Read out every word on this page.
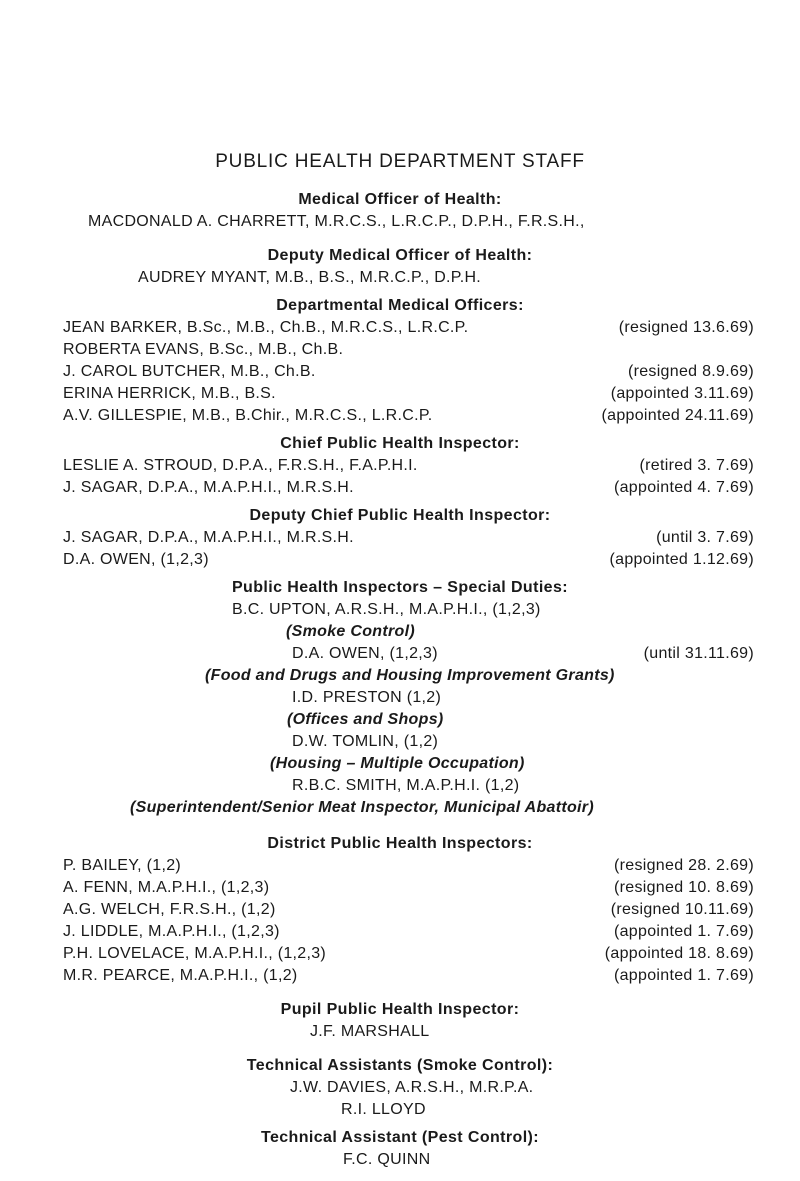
PUBLIC HEALTH DEPARTMENT STAFF
Medical Officer of Health:
MACDONALD A. CHARRETT, M.R.C.S., L.R.C.P., D.P.H., F.R.S.H.,
Deputy Medical Officer of Health:
AUDREY MYANT, M.B., B.S., M.R.C.P., D.P.H.
Departmental Medical Officers:
JEAN BARKER, B.Sc., M.B., Ch.B., M.R.C.S., L.R.C.P.	(resigned 13.6.69)
ROBERTA EVANS, B.Sc., M.B., Ch.B.
J. CAROL BUTCHER, M.B., Ch.B.	(resigned 8.9.69)
ERINA HERRICK, M.B., B.S.	(appointed 3.11.69)
A.V. GILLESPIE, M.B., B.Chir., M.R.C.S., L.R.C.P.	(appointed 24.11.69)
Chief Public Health Inspector:
LESLIE A. STROUD, D.P.A., F.R.S.H., F.A.P.H.I.	(retired 3. 7.69)
J. SAGAR, D.P.A., M.A.P.H.I., M.R.S.H.	(appointed 4. 7.69)
Deputy Chief Public Health Inspector:
J. SAGAR, D.P.A., M.A.P.H.I., M.R.S.H.	(until 3. 7.69)
D.A. OWEN, (1,2,3)	(appointed 1.12.69)
Public Health Inspectors – Special Duties:
B.C. UPTON, A.R.S.H., M.A.P.H.I., (1,2,3)
(Smoke Control)
D.A. OWEN, (1,2,3)	(until 31.11.69)
(Food and Drugs and Housing Improvement Grants)
I.D. PRESTON (1,2)
(Offices and Shops)
D.W. TOMLIN, (1,2)
(Housing – Multiple Occupation)
R.B.C. SMITH, M.A.P.H.I. (1,2)
(Superintendent/Senior Meat Inspector, Municipal Abattoir)
District Public Health Inspectors:
P. BAILEY, (1,2)	(resigned 28. 2.69)
A. FENN, M.A.P.H.I., (1,2,3)	(resigned 10. 8.69)
A.G. WELCH, F.R.S.H., (1,2)	(resigned 10.11.69)
J. LIDDLE, M.A.P.H.I., (1,2,3)	(appointed 1. 7.69)
P.H. LOVELACE, M.A.P.H.I., (1,2,3)	(appointed 18. 8.69)
M.R. PEARCE, M.A.P.H.I., (1,2)	(appointed 1. 7.69)
Pupil Public Health Inspector:
J.F. MARSHALL
Technical Assistants (Smoke Control):
J.W. DAVIES, A.R.S.H., M.R.P.A.
R.I. LLOYD
Technical Assistant (Pest Control):
F.C. QUINN
